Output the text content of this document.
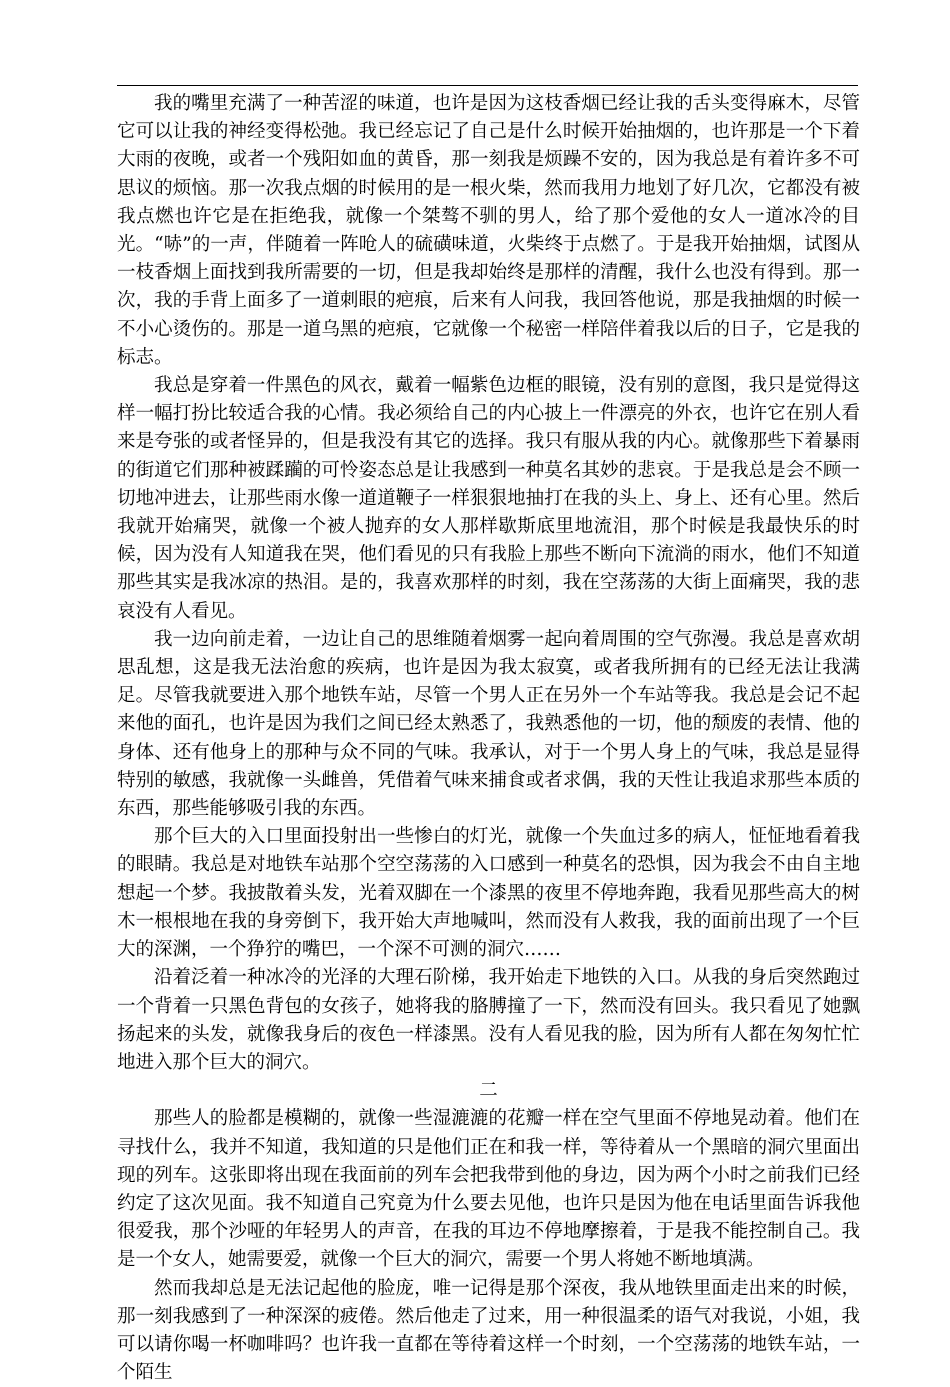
我的嘴里充满了一种苦涩的味道，也许是因为这枝香烟已经让我的舌头变得麻木，尽管它可以让我的神经变得松弛。我已经忘记了自己是什么时候开始抽烟的，也许那是一个下着大雨的夜晚，或者一个残阳如血的黄昏，那一刻我是烦躁不安的，因为我总是有着许多不可思议的烦恼。那一次我点烟的时候用的是一根火柴，然而我用力地划了好几次，它都没有被我点燃也许它是在拒绝我，就像一个桀骜不驯的男人，给了那个爱他的女人一道冰冷的目光。“哧”的一声，伴随着一阵呛人的硫磺味道，火柴终于点燃了。于是我开始抽烟，试图从一枝香烟上面找到我所需要的一切，但是我却始终是那样的清醒，我什么也没有得到。那一次，我的手背上面多了一道刺眼的疤痕，后来有人问我，我回答他说，那是我抽烟的时候一不小心烫伤的。那是一道乌黑的疤痕，它就像一个秘密一样陪伴着我以后的日子，它是我的标志。

我总是穿着一件黑色的风衣，戴着一幅紫色边框的眼镜，没有别的意图，我只是觉得这样一幅打扮比较适合我的心情。我必须给自己的内心披上一件漂亮的外衣，也许它在别人看来是夸张的或者怪异的，但是我没有其它的选择。我只有服从我的内心。就像那些下着暴雨的街道它们那种被蹂躏的可怜姿态总是让我感到一种莫名其妙的悲哀。于是我总是会不顾一切地冲进去，让那些雨水像一道道鞭子一样狠狠地抽打在我的头上、身上、还有心里。然后我就开始痛哭，就像一个被人抛弃的女人那样歇斯底里地流泪，那个时候是我最快乐的时候，因为没有人知道我在哭，他们看见的只有我脸上那些不断向下流淌的雨水，他们不知道那些其实是我冰凉的热泪。是的，我喜欢那样的时刻，我在空荡荡的大街上面痛哭，我的悲哀没有人看见。

我一边向前走着，一边让自己的思维随着烟雾一起向着周围的空气弥漫。我总是喜欢胡思乱想，这是我无法治愈的疾病，也许是因为我太寂寞，或者我所拥有的已经无法让我满足。尽管我就要进入那个地铁车站，尽管一个男人正在另外一个车站等我。我总是会记不起来他的面孔，也许是因为我们之间已经太熟悉了，我熟悉他的一切，他的颓废的表情、他的身体、还有他身上的那种与众不同的气味。我承认，对于一个男人身上的气味，我总是显得特别的敏感，我就像一头雌兽，凭借着气味来捕食或者求偶，我的天性让我追求那些本质的东西，那些能够吸引我的东西。

那个巨大的入口里面投射出一些惨白的灯光，就像一个失血过多的病人，怔怔地看着我的眼睛。我总是对地铁车站那个空空荡荡的入口感到一种莫名的恐惧，因为我会不由自主地想起一个梦。我披散着头发，光着双脚在一个漆黑的夜里不停地奔跑，我看见那些高大的树木一根根地在我的身旁倒下，我开始大声地喊叫，然而没有人救我，我的面前出现了一个巨大的深渊，一个狰狞的嘴巴，一个深不可测的洞穴……

沿着泛着一种冰冷的光泽的大理石阶梯，我开始走下地铁的入口。从我的身后突然跑过一个背着一只黑色背包的女孩子，她将我的胳膊撞了一下，然而没有回头。我只看见了她飘扬起来的头发，就像我身后的夜色一样漆黑。没有人看见我的脸，因为所有人都在匆匆忙忙地进入那个巨大的洞穴。

二

那些人的脸都是模糊的，就像一些湿漉漉的花瓣一样在空气里面不停地晃动着。他们在寻找什么，我并不知道，我知道的只是他们正在和我一样，等待着从一个黑暗的洞穴里面出现的列车。这张即将出现在我面前的列车会把我带到他的身边，因为两个小时之前我们已经约定了这次见面。我不知道自己究竟为什么要去见他，也许只是因为他在电话里面告诉我他很爱我，那个沙哑的年轻男人的声音，在我的耳边不停地摩擦着，于是我不能控制自己。我是一个女人，她需要爱，就像一个巨大的洞穴，需要一个男人将她不断地填满。

然而我却总是无法记起他的脸庞，唯一记得是那个深夜，我从地铁里面走出来的时候，那一刻我感到了一种深深的疲倦。然后他走了过来，用一种很温柔的语气对我说，小姐，我可以请你喝一杯咖啡吗？也许我一直都在等待着这样一个时刻，一个空荡荡的地铁车站，一个陌生
